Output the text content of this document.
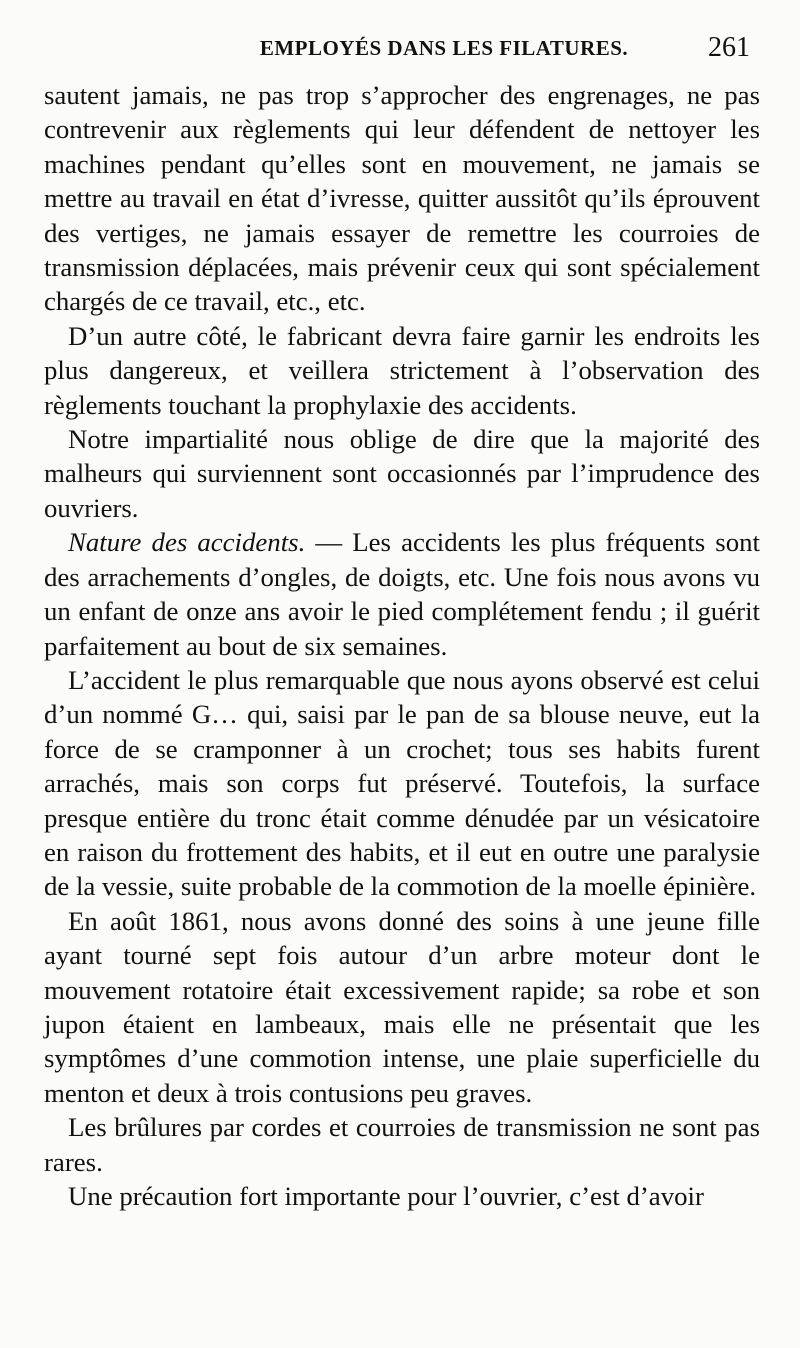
EMPLOYÉS DANS LES FILATURES.	261

sautent jamais, ne pas trop s’approcher des engrenages, ne pas contrevenir aux règlements qui leur défendent de nettoyer les machines pendant qu’elles sont en mouvement, ne jamais se mettre au travail en état d’ivresse, quitter aussitôt qu’ils éprouvent des vertiges, ne jamais essayer de remettre les courroies de transmission déplacées, mais prévenir ceux qui sont spécialement chargés de ce travail, etc., etc.

D’un autre côté, le fabricant devra faire garnir les endroits les plus dangereux, et veillera strictement à l’observation des règlements touchant la prophylaxie des accidents.

Notre impartialité nous oblige de dire que la majorité des malheurs qui surviennent sont occasionnés par l’imprudence des ouvriers.

Nature des accidents. — Les accidents les plus fréquents sont des arrachements d’ongles, de doigts, etc. Une fois nous avons vu un enfant de onze ans avoir le pied complétement fendu ; il guérit parfaitement au bout de six semaines.

L’accident le plus remarquable que nous ayons observé est celui d’un nommé G… qui, saisi par le pan de sa blouse neuve, eut la force de se cramponner à un crochet; tous ses habits furent arrachés, mais son corps fut préservé. Toutefois, la surface presque entière du tronc était comme dénudée par un vésicatoire en raison du frottement des habits, et il eut en outre une paralysie de la vessie, suite probable de la commotion de la moelle épinière.

En août 1861, nous avons donné des soins à une jeune fille ayant tourné sept fois autour d’un arbre moteur dont le mouvement rotatoire était excessivement rapide; sa robe et son jupon étaient en lambeaux, mais elle ne présentait que les symptômes d’une commotion intense, une plaie superficielle du menton et deux à trois contusions peu graves.

Les brûlures par cordes et courroies de transmission ne sont pas rares.

Une précaution fort importante pour l’ouvrier, c’est d’avoir
